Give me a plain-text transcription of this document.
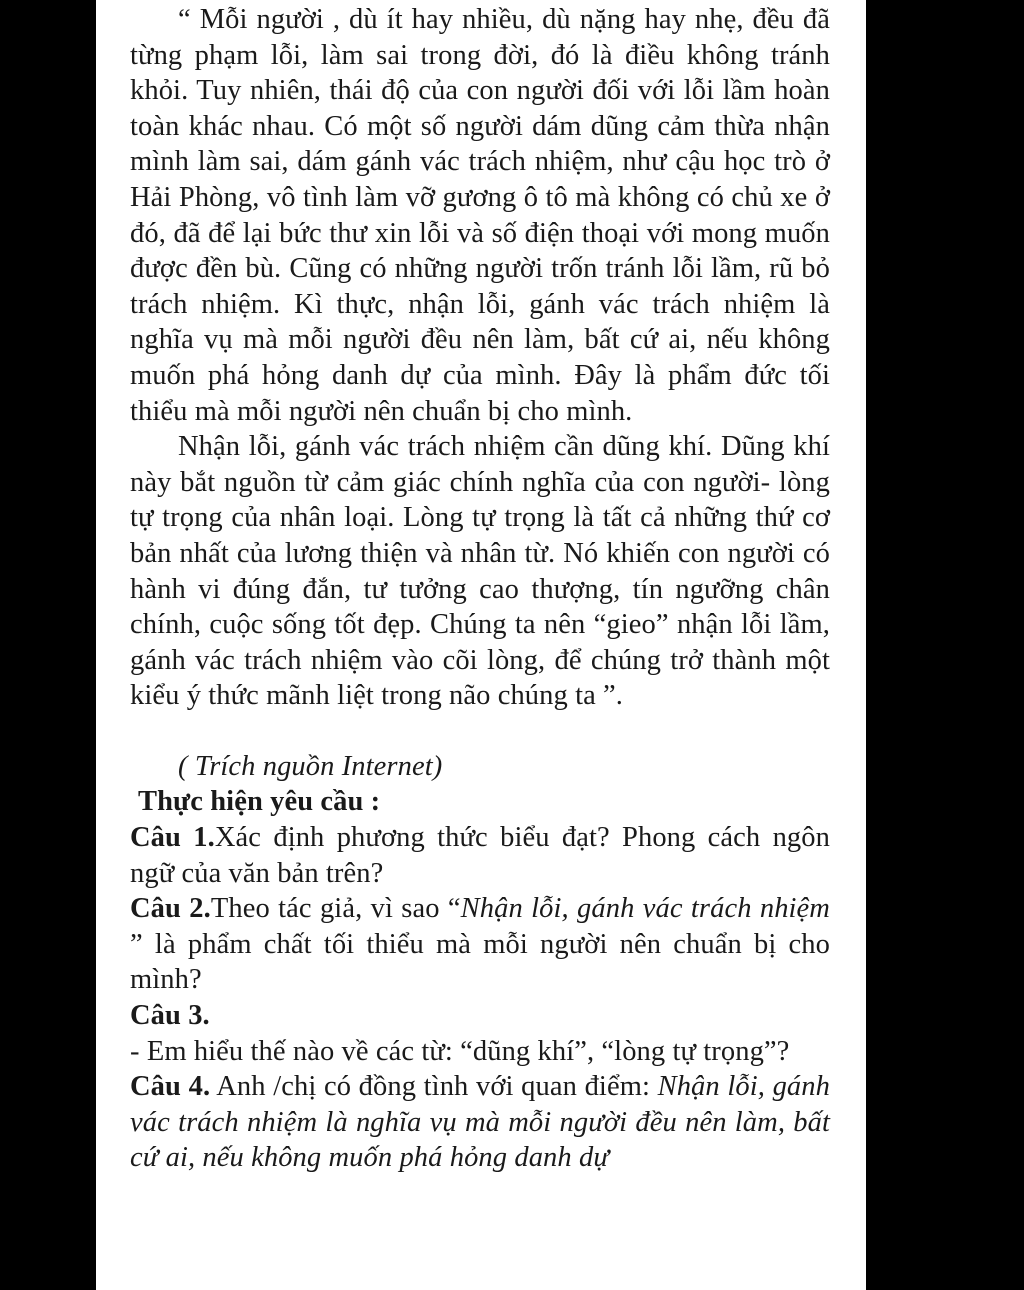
“ Mỗi người , dù ít hay nhiều, dù nặng hay nhẹ, đều đã từng phạm lỗi, làm sai trong đời, đó là điều không tránh khỏi. Tuy nhiên, thái độ của con người đối với lỗi lầm hoàn toàn khác nhau. Có một số người dám dũng cảm thừa nhận mình làm sai, dám gánh vác trách nhiệm, như cậu học trò ở Hải Phòng, vô tình làm vỡ gương ô tô mà không có chủ xe ở đó, đã để lại bức thư xin lỗi và số điện thoại với mong muốn được đền bù. Cũng có những người trốn tránh lỗi lầm, rũ bỏ trách nhiệm. Kì thực, nhận lỗi, gánh vác trách nhiệm là nghĩa vụ mà mỗi người đều nên làm, bất cứ ai, nếu không muốn phá hỏng danh dự của mình. Đây là phẩm đức tối thiểu mà mỗi người nên chuẩn bị cho mình.

Nhận lỗi, gánh vác trách nhiệm cần dũng khí. Dũng khí này bắt nguồn từ cảm giác chính nghĩa của con người- lòng tự trọng của nhân loại. Lòng tự trọng là tất cả những thứ cơ bản nhất của lương thiện và nhân từ. Nó khiến con người có hành vi đúng đắn, tư tưởng cao thượng, tín ngưỡng chân chính, cuộc sống tốt đẹp. Chúng ta nên “gieo” nhận lỗi lầm, gánh vác trách nhiệm vào cõi lòng, để chúng trở thành một kiểu ý thức mãnh liệt trong não chúng ta ”.

( Trích nguồn Internet)

Thực hiện yêu cầu :

Câu 1.Xác định phương thức biểu đạt? Phong cách ngôn ngữ của văn bản trên?

Câu 2.Theo tác giả, vì sao “Nhận lỗi, gánh vác trách nhiệm ” là phẩm chất tối thiểu mà mỗi người nên chuẩn bị cho mình?

Câu 3.

- Em hiểu thế nào về các từ: “dũng khí”, “lòng tự trọng”?

Câu 4. Anh /chị có đồng tình với quan điểm: Nhận lỗi, gánh vác trách nhiệm là nghĩa vụ mà mỗi người đều nên làm, bất cứ ai, nếu không muốn phá hỏng danh dự
